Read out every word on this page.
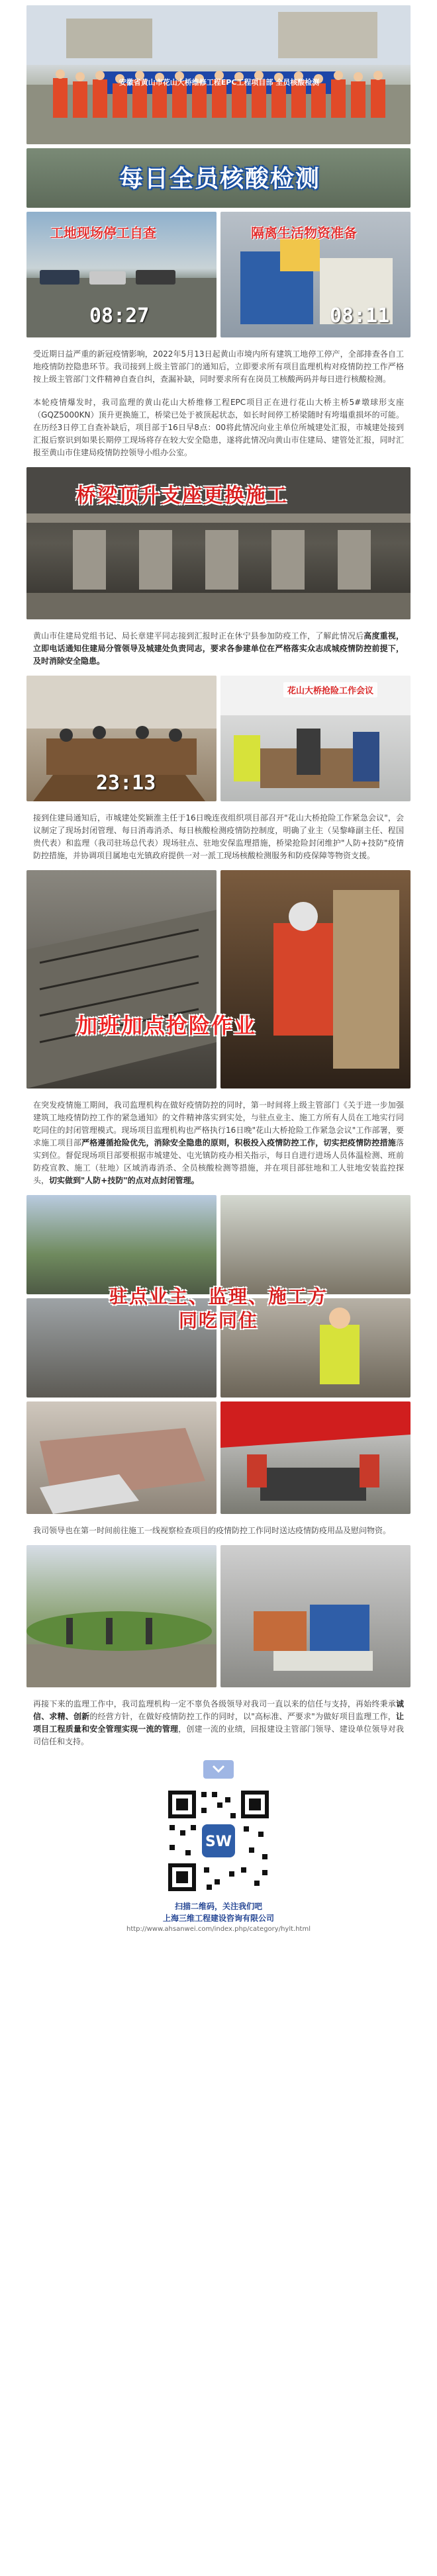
安徽省黄山市花山大桥维修工程EPC工程项目部 全员核酸检测
每日全员核酸检测
工地现场停工自查
08:27
隔离生活物资准备
08:11

受近期日益严重的新冠疫情影响，2022年5月13日起黄山市境内所有建筑工地停工停产，全部排查各自工地疫情防控隐患环节。我司接到上级主管部门的通知后，立即要求所有项目监理机构对疫情防控工作严格按上级主管部门文件精神自查自纠，查漏补缺，同时要求所有在岗员工核酸两码并每日进行核酸检测。

本轮疫情爆发时，我司监理的黄山花山大桥维修工程EPC项目正在进行花山大桥主桥5#墩球形支座（GQZ5000KN）顶升更换施工，桥梁已处于被顶起状态，如长时间停工桥梁随时有垮塌重损坏的可能。在历经3日停工自查补缺后，项目部于16日早8点：00将此情况向业主单位所城建处汇报，市城建处接到汇报后察识到如果长期停工现场将存在较大安全隐患，遂将此情况向黄山市住建局、建管处汇报，同时汇报至黄山市住建局疫情防控领导小组办公室。

桥梁顶升支座更换施工

黄山市住建局党组书记、局长章建平同志接到汇报时正在休宁县参加防疫工作，了解此情况后高度重视，立即电话通知住建局分管领导及城建处负责同志，要求各参建单位在严格落实众志成城疫情防控前提下，及时消除安全隐患。

23:13
花山大桥抢险工作会议

接到住建局通知后，市城建处奖颖淮主任于16日晚连夜组织项目部召开"花山大桥抢险工作紧急会议"，会议制定了现场封闭管理、每日消毒消杀、每日核酸检测疫情防控制度，明确了业主（吴黎峰副主任、程国贵代表）和监理（我司驻场总代表）现场驻点、驻地安保监理措施，桥梁抢险封闭维护"人防+技防"疫情防控措施，并协调项目属地屯光镇政府提供一对一派工现场核酸检测服务和防疫保障等物资支援。

加班加点抢险作业

在突发疫情施工期间，我司监理机构在做好疫情防控的同时，第一时间将上级主管部门《关于进一步加强建筑工地疫情防控工作的紧急通知》的文件精神落实到实处，与驻点业主、施工方所有人员在工地实行同吃同住的封闭管理模式。现场项目监理机构也严格执行16日晚"花山大桥抢险工作紧急会议"工作部署，要求施工项目部严格遵循抢险优先，消除安全隐患的原则，积极投入疫情防控工作，切实把疫情防控措施落实到位。督促现场项目部要根据市城建处、屯光镇防疫办相关指示，每日自进行进场人员体温检测、班前防疫宣教、施工（驻地）区域消毒消杀、全员核酸检测等措施，并在项目部驻地和工人驻地安装监控探头，切实做到"人防+技防"的点对点封闭管理。

驻点业主、监理、施工方
同吃同住

我司领导也在第一时间前往施工一线视察检查项目的疫情防控工作同时送达疫情防疫用品及慰问物资。

再接下来的监理工作中，我司监理机构一定不辜负各级领导对我司一直以来的信任与支持，再始终秉承诚信、求精、创新的经营方针，在做好疫情防控工作的同时，以"高标准、严要求"为做好项目监理工作，让项目工程质量和安全管理实现一流的管理，创建一流的业绩，回报建设主管部门领导、建设单位领导对我司信任和支持。

SW
扫描二维码，关注我们吧
上海三维工程建设咨询有限公司
http://www.ahsanwei.com/index.php/category/hylt.html
